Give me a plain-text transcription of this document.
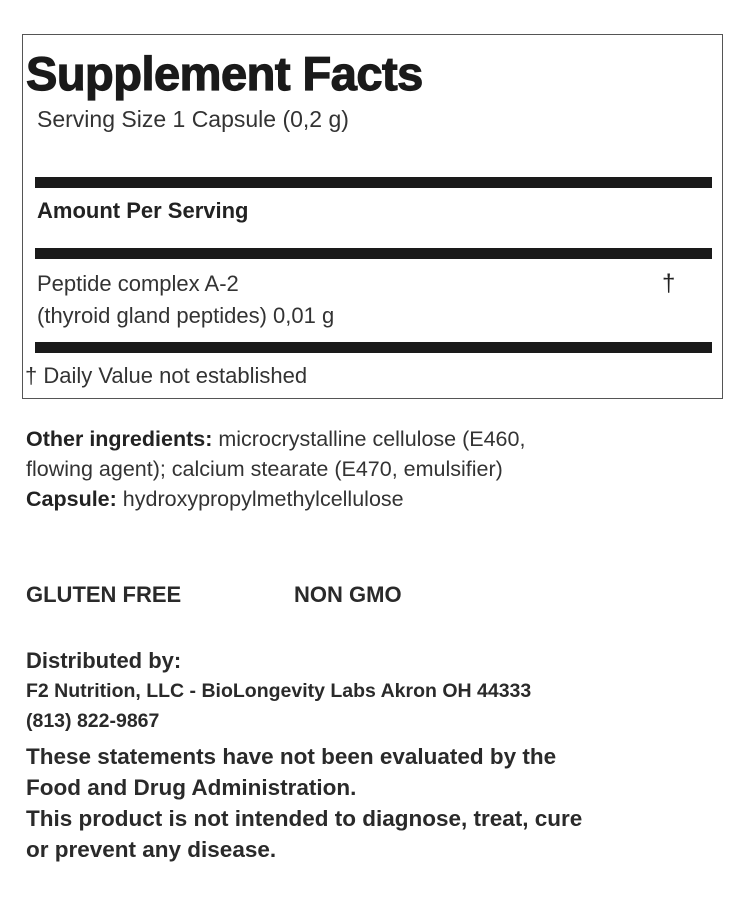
Supplement Facts
Serving Size 1 Capsule (0,2 g)
Amount Per Serving
Peptide complex A-2
(thyroid gland peptides) 0,01 g
†
† Daily Value not established
Other ingredients: microcrystalline cellulose (E460,
flowing agent); calcium stearate (E470, emulsifier)
Capsule: hydroxypropylmethylcellulose
GLUTEN FREE	NON GMO
Distributed by:
F2 Nutrition, LLC - BioLongevity Labs Akron OH 44333
(813) 822-9867
These statements have not been evaluated by the
Food and Drug Administration.
This product is not intended to diagnose, treat, cure
or prevent any disease.
